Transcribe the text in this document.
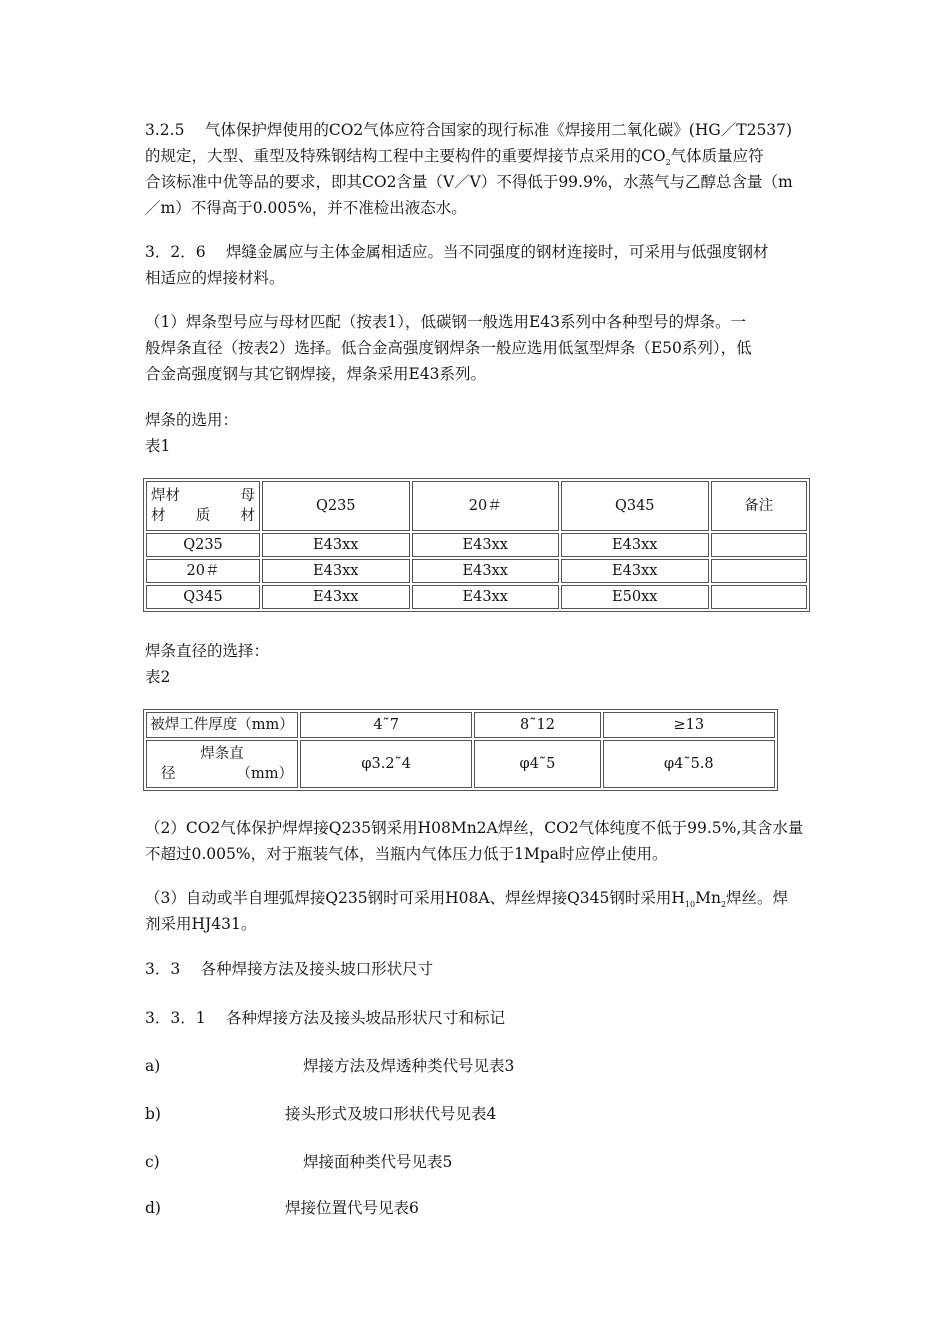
3.2.5　 气体保护焊使用的CO2气体应符合国家的现行标准《焊接用二氧化碳》(HG／T2537)
的规定，大型、重型及特殊钢结构工程中主要构件的重要焊接节点采用的$CO_2$气体质量应符
合该标准中优等品的要求，即其CO2含量（V／V）不得低于99.9%，水蒸气与乙醇总含量（m
／m）不得高于0.005%，并不准检出液态水。

3．2．6　 焊缝金属应与主体金属相适应。当不同强度的钢材连接时，可采用与低强度钢材
相适应的焊接材料。

（1）焊条型号应与母材匹配（按表1），低碳钢一般选用E43系列中各种型号的焊条。一
般焊条直径（按表2）选择。低合金高强度钢焊条一般应选用低氢型焊条（E50系列），低
合金高强度钢与其它钢焊接，焊条采用E43系列。

焊条的选用：
表1

焊材 母
材 质 材	Q235	20＃	Q345	备注
Q235	E43xx	E43xx	E43xx	
20＃	E43xx	E43xx	E43xx	
Q345	E43xx	E43xx	E50xx	

焊条直径的选择：
表2

被焊工件厚度（mm）	4˜7	8˜12	≥13

焊条直
径 （mm）	φ3.2˜4	φ4˜5	φ4˜5.8

（2）CO2气体保护焊焊接Q235钢采用H08Mn2A焊丝，CO2气体纯度不低于99.5%,其含水量
不超过0.005%，对于瓶装气体，当瓶内气体压力低于1Mpa时应停止使用。

（3）自动或半自埋弧焊接Q235钢时可采用H08A、焊丝焊接Q345钢时采用$H_{10}Mn_2$焊丝。焊
剂采用HJ431。

3．3　 各种焊接方法及接头坡口形状尺寸

3．3．1　 各种焊接方法及接头坡品形状尺寸和标记

a)	焊接方法及焊透种类代号见表3

b)	接头形式及坡口形状代号见表4

c)	焊接面种类代号见表5

d)	焊接位置代号见表6
